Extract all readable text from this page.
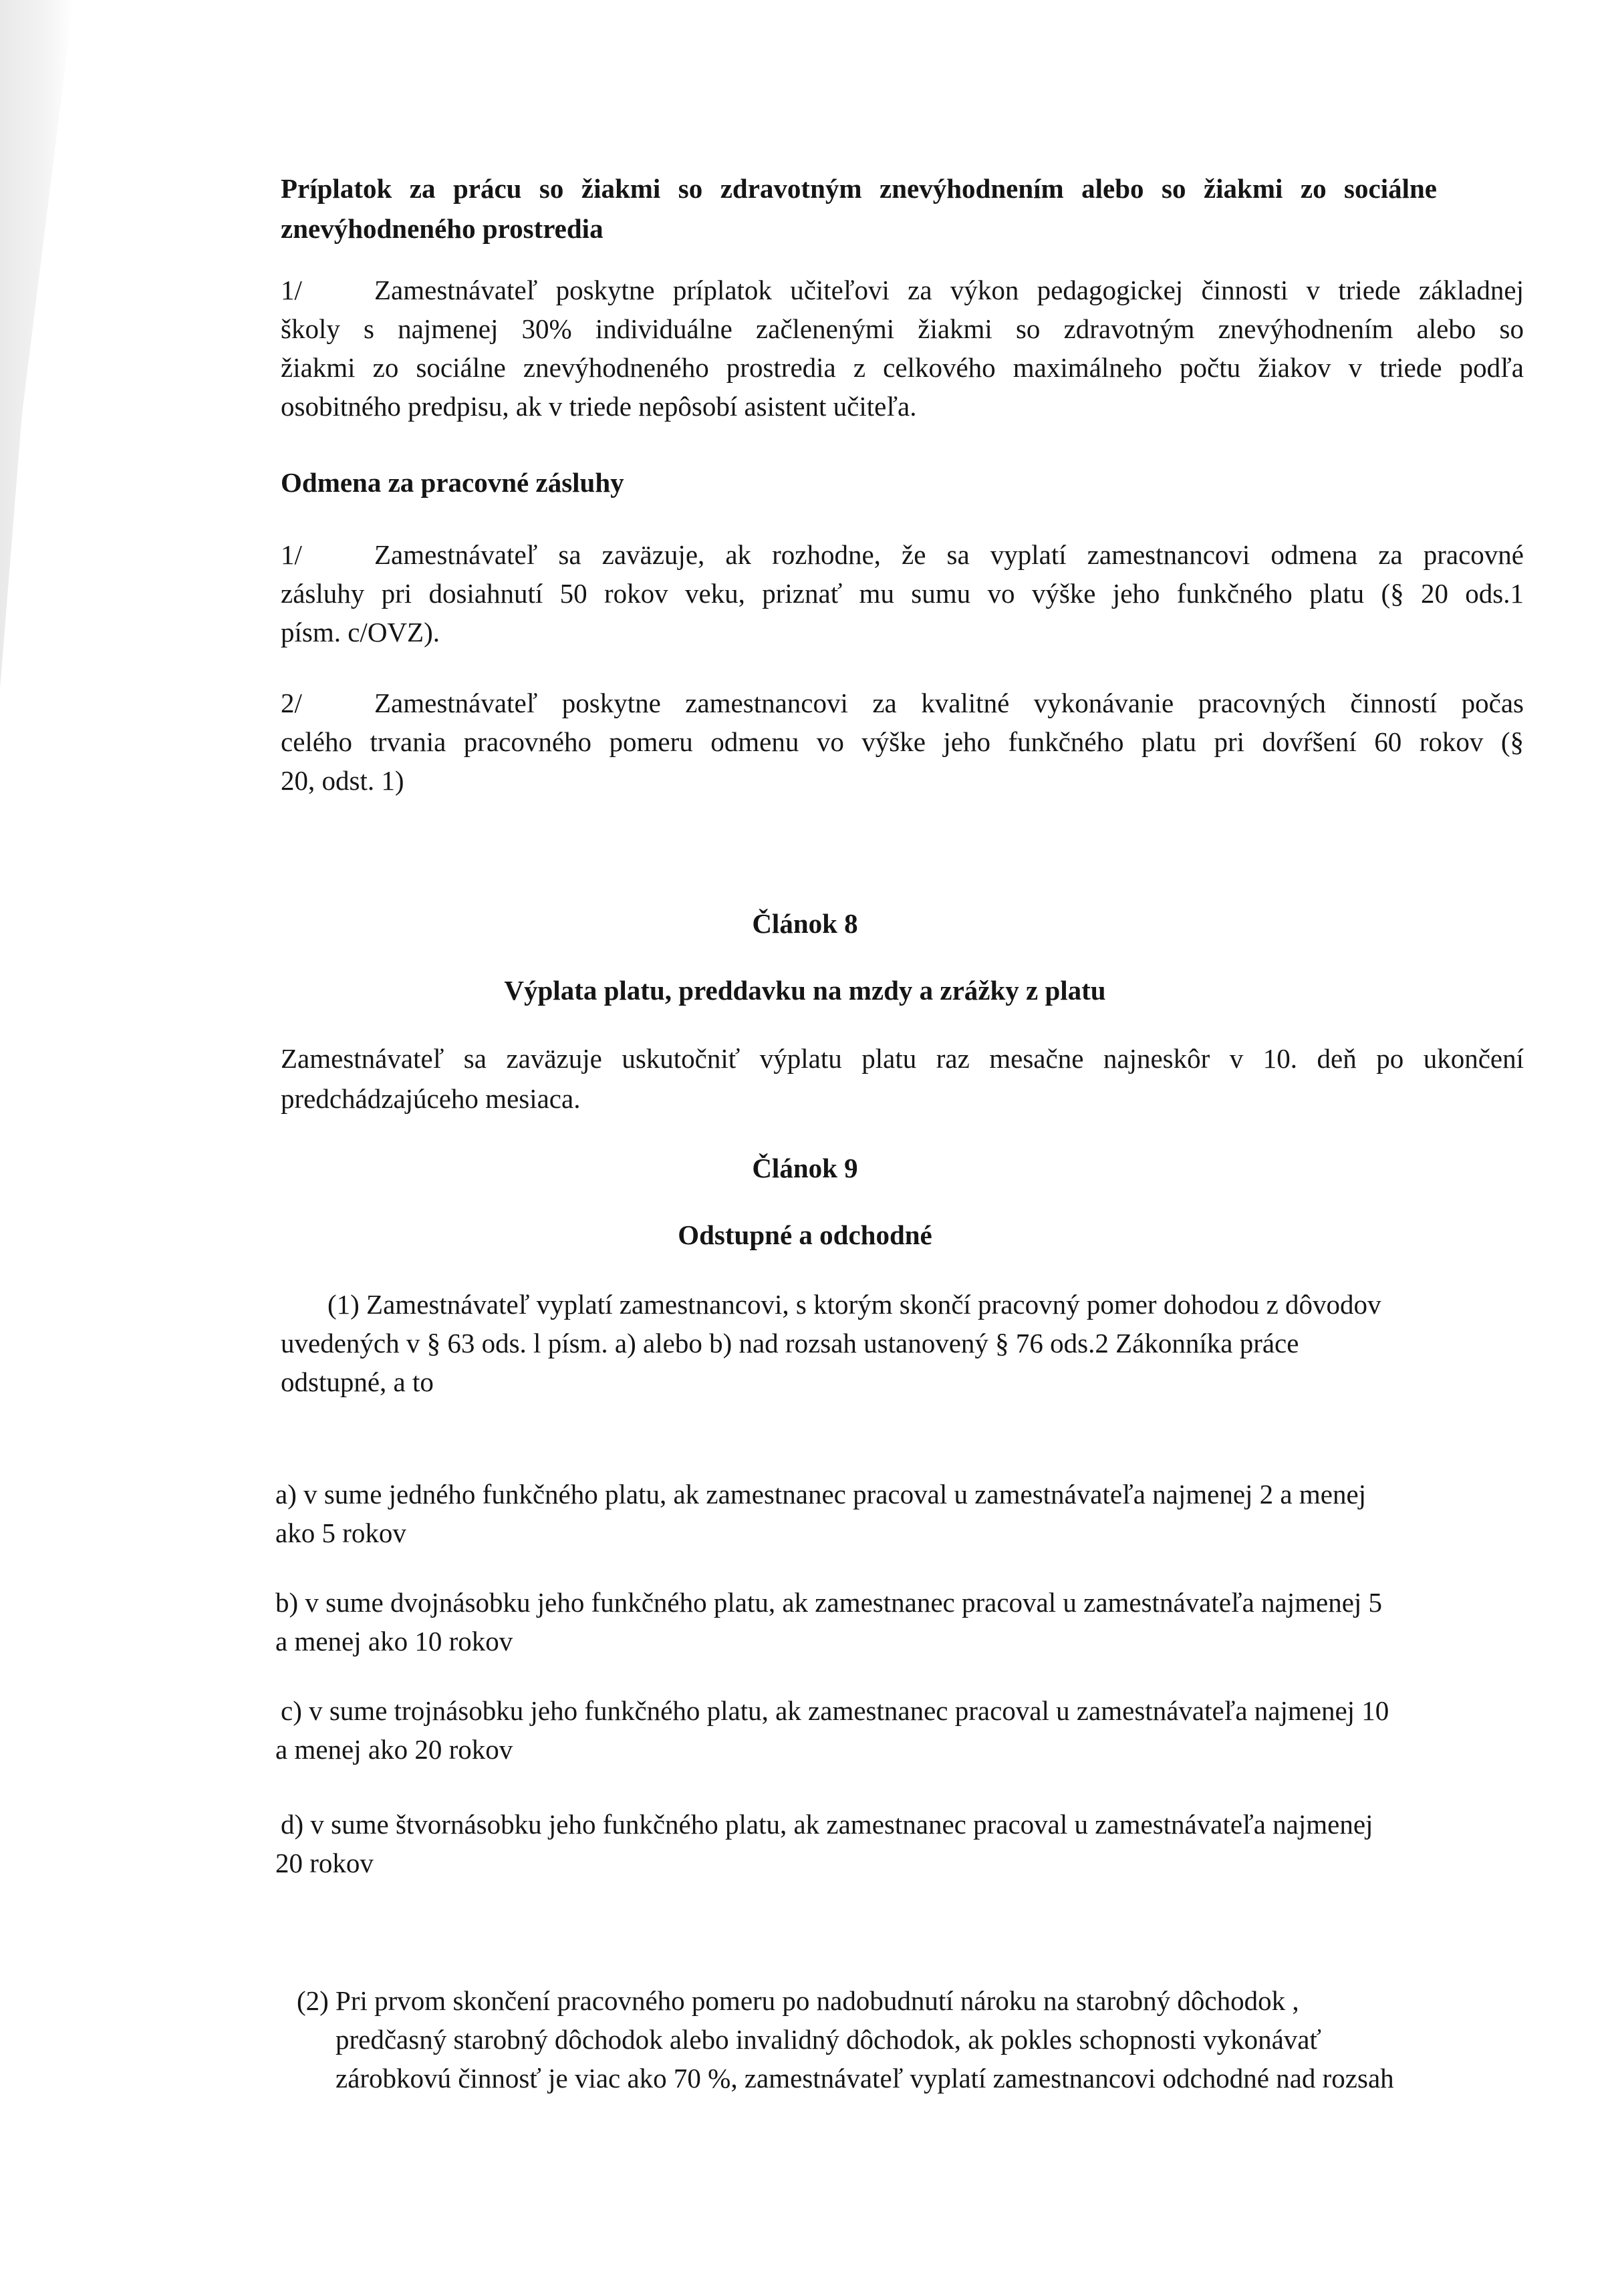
Príplatok za prácu so žiakmi so zdravotným znevýhodnením alebo so žiakmi zo sociálne
znevýhodneného prostredia
1/	Zamestnávateľ poskytne príplatok učiteľovi za výkon pedagogickej činnosti v triede základnej
školy s najmenej 30% individuálne začlenenými žiakmi so zdravotným znevýhodnením alebo so
žiakmi zo sociálne znevýhodneného prostredia z celkového maximálneho počtu žiakov v triede podľa
osobitného predpisu, ak v triede nepôsobí asistent učiteľa.
Odmena za pracovné zásluhy
1/	Zamestnávateľ sa zaväzuje, ak rozhodne, že sa vyplatí zamestnancovi odmena za pracovné
zásluhy pri dosiahnutí 50 rokov veku, priznať mu sumu vo výške jeho funkčného platu (§ 20 ods.1
písm. c/OVZ).
2/	Zamestnávateľ poskytne zamestnancovi za kvalitné vykonávanie pracovných činností počas
celého trvania pracovného pomeru odmenu vo výške jeho funkčného platu pri dovŕšení 60 rokov (§
20, odst. 1)
Článok 8
Výplata platu, preddavku na mzdy a zrážky z platu
Zamestnávateľ sa zaväzuje uskutočniť výplatu platu raz mesačne najneskôr v 10. deň po ukončení
predchádzajúceho mesiaca.
Článok 9
Odstupné a odchodné
(1) Zamestnávateľ vyplatí zamestnancovi, s ktorým skončí pracovný pomer dohodou z dôvodov
uvedených v § 63 ods. l písm. a) alebo b) nad rozsah ustanovený § 76 ods.2 Zákonníka práce
odstupné, a to
a) v sume jedného funkčného platu, ak zamestnanec pracoval u zamestnávateľa najmenej 2 a menej
ako 5 rokov
b) v sume dvojnásobku jeho funkčného platu, ak zamestnanec pracoval u zamestnávateľa najmenej 5
a menej ako 10 rokov
c) v sume trojnásobku jeho funkčného platu, ak zamestnanec pracoval u zamestnávateľa najmenej 10
a menej ako 20 rokov
d) v sume štvornásobku jeho funkčného platu, ak zamestnanec pracoval u zamestnávateľa najmenej
20 rokov
(2) Pri prvom skončení pracovného pomeru po nadobudnutí nároku na starobný dôchodok ,
predčasný starobný dôchodok alebo invalidný dôchodok, ak pokles schopnosti vykonávať
zárobkovú činnosť je viac ako 70 %, zamestnávateľ vyplatí zamestnancovi odchodné nad rozsah
